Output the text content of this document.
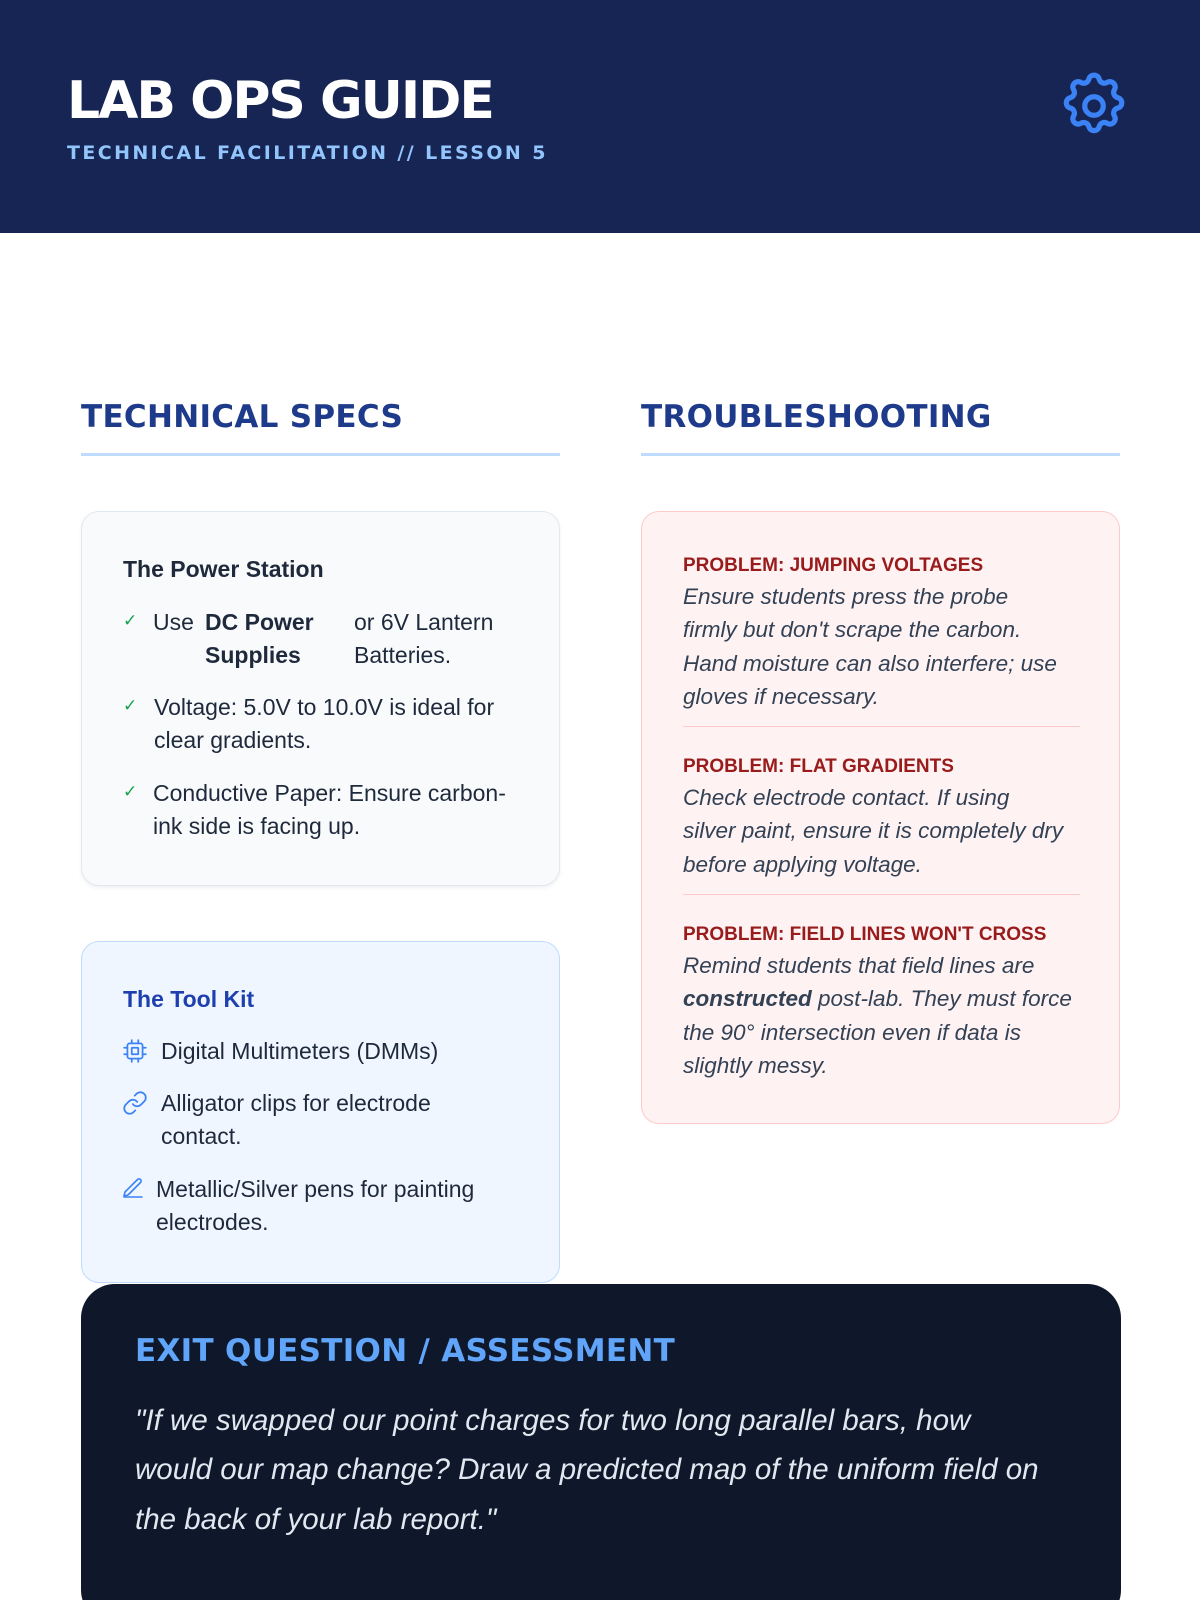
LAB OPS GUIDE
TECHNICAL FACILITATION // LESSON 5
TECHNICAL SPECS	TROUBLESHOOTING
The Power Station
✓ Use DC Power
Supplies
or 6V Lantern
Batteries.
✓ Voltage: 5.0V to 10.0V is ideal for
clear gradients.
✓ Conductive Paper: Ensure carbon-
ink side is facing up.
The Tool Kit
Digital Multimeters (DMMs)
Alligator clips for electrode
contact.
Metallic/Silver pens for painting
electrodes.
PROBLEM: JUMPING VOLTAGES
Ensure students press the probe
firmly but don't scrape the carbon.
Hand moisture can also interfere; use
gloves if necessary.
PROBLEM: FLAT GRADIENTS
Check electrode contact. If using
silver paint, ensure it is completely dry
before applying voltage.
PROBLEM: FIELD LINES WON'T CROSS
Remind students that field lines are
constructed post-lab. They must force
the 90° intersection even if data is
slightly messy.
EXIT QUESTION / ASSESSMENT
"If we swapped our point charges for two long parallel bars, how
would our map change? Draw a predicted map of the uniform field on
the back of your lab report."
